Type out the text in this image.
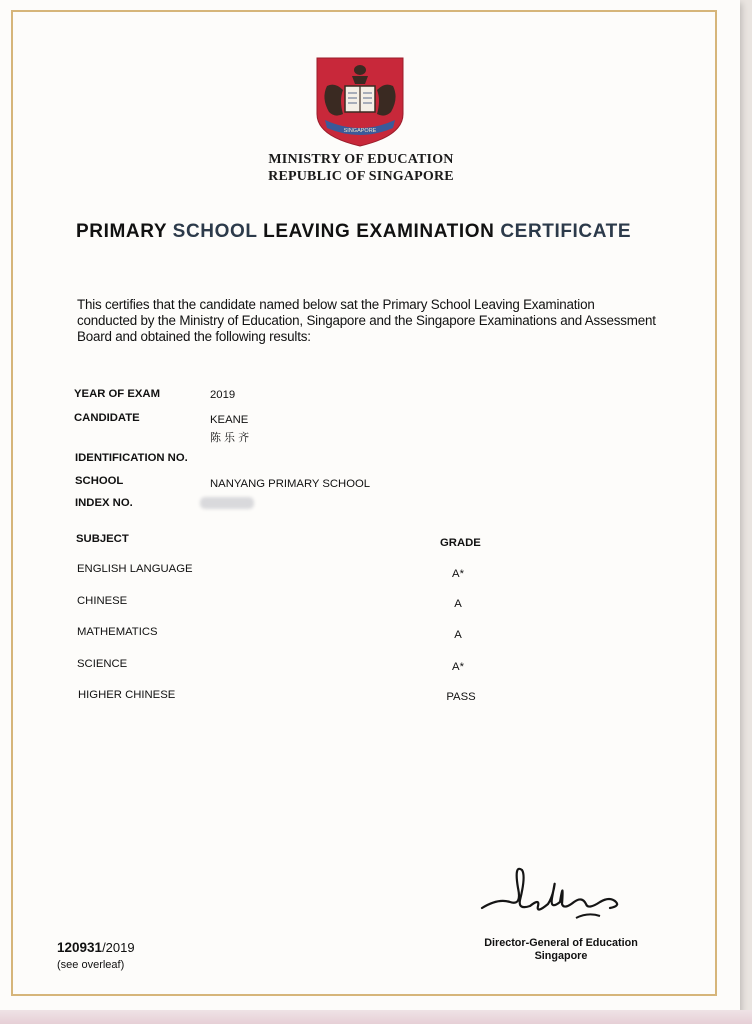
SINGAPORE
MINISTRY OF EDUCATION
REPUBLIC OF SINGAPORE
PRIMARY SCHOOL LEAVING EXAMINATION CERTIFICATE
This certifies that the candidate named below sat the Primary School Leaving Examination
conducted by the Ministry of Education, Singapore and the Singapore Examinations and Assessment
Board and obtained the following results:
YEAR OF EXAM	2019
CANDIDATE	KEANE
陈 乐 齐
IDENTIFICATION NO.
SCHOOL	NANYANG PRIMARY SCHOOL
INDEX NO.
SUBJECT	GRADE
ENGLISH LANGUAGE	A*
CHINESE	A
MATHEMATICS	A
SCIENCE	A*
HIGHER CHINESE	PASS
Director-General of Education
Singapore
120931/2019
(see overleaf)
